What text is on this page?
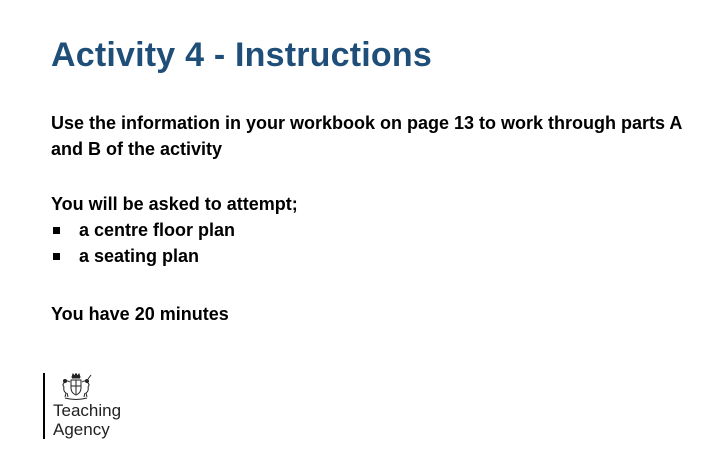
Activity 4 - Instructions
Use the information in your workbook on page 13 to work through parts A and B of the activity
You will be asked to attempt;
a centre floor plan
a seating plan
You have 20 minutes
Teaching
Agency
